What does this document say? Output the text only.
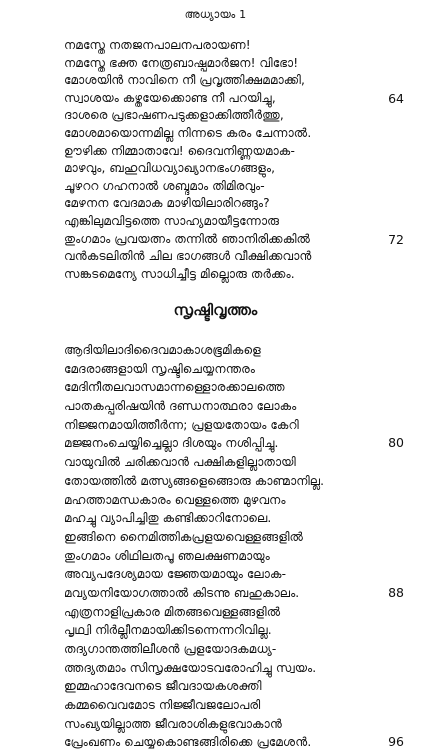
അധ്യായം 1
നമസ്തേ നതജനപാലനപരായണ!
നമസ്തേ ഭക്ത നേത്രബാഷ്പമാർജന! വിഭോ!
മോശയിൻ നാവിനെ നീ പ്രവൃത്തിക്ഷമമാക്കി,
സ്വാശയം കഴ്തയേക്കൊണ്ട നീ പറയിച്ചു,	64
ദാശരെ പ്രഭാഷണപടുക്കളാക്കിത്തീർത്തു,
മോശമായൊന്നമില്ല നിന്നടെ കരം ചേന്നാൽ.
ഊഴിക്ക നിമ്മാതാവേ! ദൈവനിണ്ണയമാക-
മാഴവും, ബഹുവിധവ്യാഖ്യാനഭംഗങ്ങളും,
ചൂഴററ ഗഹനാൽ ശബ്ദമാം തിമിരവും-
മേഴനന വേദമാക മാഴിയിലാരിറങ്ങും?
എങ്കിലുമവിട്ടത്തെ സാഹ്യമായീട്ടന്നോരു
തുംഗമാം പ്രവയത്നം തന്നിൽ ഞാനിരിക്കകിൽ	72
വൻകടലിതിൻ ചില ഭാഗങ്ങൾ വീക്ഷിക്കവാൻ
സങ്കടമെന്യേ സാധിച്ചീട്ട മില്ലൊരു തർക്കം.
സൃഷ്ടിവൃത്തം
ആദിയിലാദിദൈവമാകാശഭൂമികളെ
മേദരാങ്ങളായി സൃഷ്ടിചെയ്യനന്തരം
മേദിനീതലവാസമാന്നള്ളൊരക്കാലത്തെ
പാതകപ്പരിഷയിൻ ദണ്ഡനാത്ഥരാ ലോകം
നിജ്ജനമായിത്തീർന്ന; പ്രളയതോയം കേറി
മജ്ജനംചെയ്യിച്ചെല്ലാ ദിശയും നശിപ്പിച്ചു.	80
വായുവിൽ ചരിക്കവാൻ പക്ഷികളില്ലാതായി
തോയത്തിൽ മത്സ്യങ്ങളെങ്ങൊരു കാണ്മാനില്ല.
മഹത്താമന്ധകാരം വെള്ളത്തെ മുഴവനം
മഹച്ചു വ്യാപിച്ചിതു കണ്ടിക്കാറിനോലെ.
ഇങ്ങിനെ നൈമിത്തികപ്രളയവെള്ളങ്ങളിൽ
തുംഗമാം ശിഥിലതപൂ ഞലക്ഷണമായും
അവ്യപദേശ്യമായ ജ്ഞേയമായും ലോക-
മവ്യയനിയോഗത്താൽ കിടന്നു ബഹുകാലം.	88
എത്രനാളിപ്രകാര മിതങ്ങവെള്ളങ്ങളിൽ
പൃഥ്വി നിർല്ലീനമായിക്കിടന്നെന്നറിവില്ല.
തദ്യഗാന്തത്തിലീശൻ പ്രളയോദകമധ്യ-
ത്തദ്യതമാം സിസൃക്ഷയോടവരോഹിച്ചു സ്വയം.
ഇമ്മഹാദേവനടെ ജീവദായകശക്തി
കമ്മവൈവമോട നിജ്ജീവജലോപരി
സംഖ്യയില്ലാത്ത ജീവരാശികളുഭവാകാൻ
പ്രേംഖണം ചെയ്യകൊണ്ടങ്ങിരിക്കെ പ്രമേശൻ.	96
